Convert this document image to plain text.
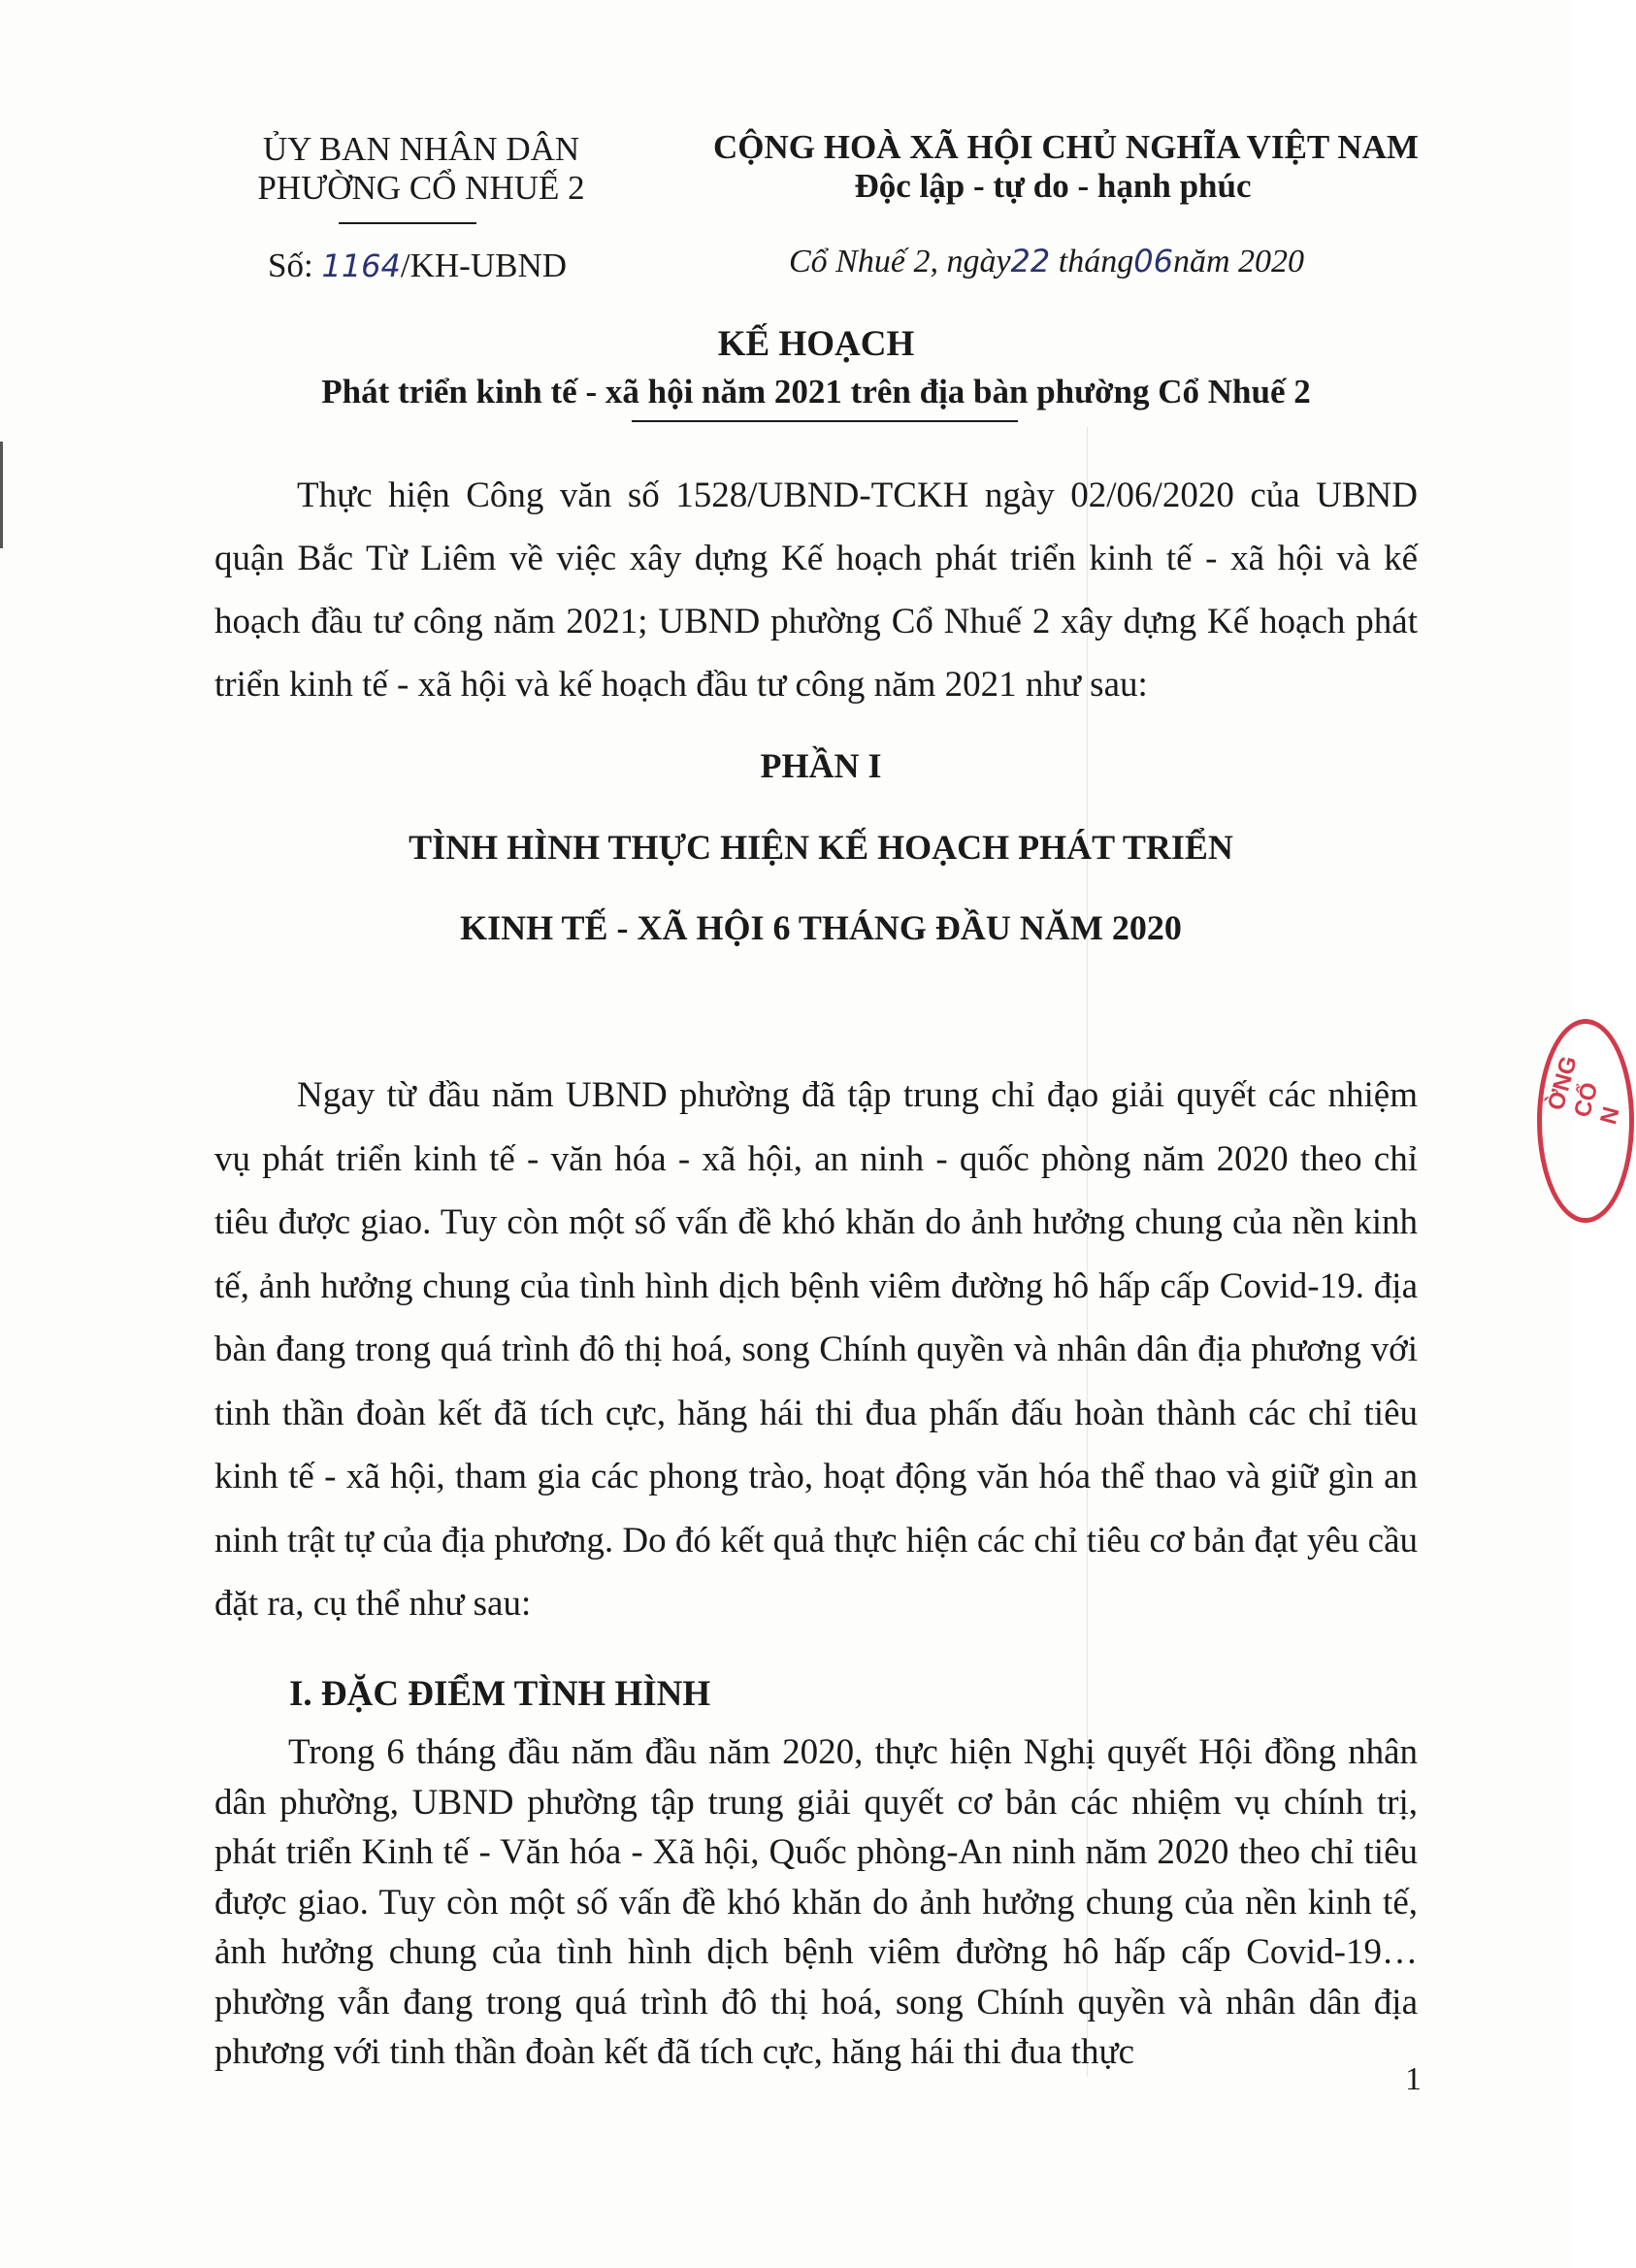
ỦY BAN NHÂN DÂN
PHƯỜNG CỔ NHUẾ 2
CỘNG HOÀ XÃ HỘI CHỦ NGHĨA VIỆT NAM
Độc lập - tự do - hạnh phúc
Số: 1164/KH-UBND	Cổ Nhuế 2, ngày22 tháng06năm 2020
KẾ HOẠCH
Phát triển kinh tế - xã hội năm 2021 trên địa bàn phường Cổ Nhuế 2
Thực hiện Công văn số 1528/UBND-TCKH ngày 02/06/2020 của UBND quận Bắc Từ Liêm về việc xây dựng Kế hoạch phát triển kinh tế - xã hội và kế hoạch đầu tư công năm 2021; UBND phường Cổ Nhuế 2 xây dựng Kế hoạch phát triển kinh tế - xã hội và kế hoạch đầu tư công năm 2021 như sau:
PHẦN I
TÌNH HÌNH THỰC HIỆN KẾ HOẠCH PHÁT TRIỂN
KINH TẾ - XÃ HỘI 6 THÁNG ĐẦU NĂM 2020
Ngay từ đầu năm UBND phường đã tập trung chỉ đạo giải quyết các nhiệm vụ phát triển kinh tế - văn hóa - xã hội, an ninh - quốc phòng năm 2020 theo chỉ tiêu được giao. Tuy còn một số vấn đề khó khăn do ảnh hưởng chung của nền kinh tế, ảnh hưởng chung của tình hình dịch bệnh viêm đường hô hấp cấp Covid-19. địa bàn đang trong quá trình đô thị hoá, song Chính quyền và nhân dân địa phương với tinh thần đoàn kết đã tích cực, hăng hái thi đua phấn đấu hoàn thành các chỉ tiêu kinh tế - xã hội, tham gia các phong trào, hoạt động văn hóa thể thao và giữ gìn an ninh trật tự của địa phương. Do đó kết quả thực hiện các chỉ tiêu cơ bản đạt yêu cầu đặt ra, cụ thể như sau:
I. ĐẶC ĐIỂM TÌNH HÌNH
Trong 6 tháng đầu năm đầu năm 2020, thực hiện Nghị quyết Hội đồng nhân dân phường, UBND phường tập trung giải quyết cơ bản các nhiệm vụ chính trị, phát triển Kinh tế - Văn hóa - Xã hội, Quốc phòng-An ninh năm 2020 theo chỉ tiêu được giao. Tuy còn một số vấn đề khó khăn do ảnh hưởng chung của nền kinh tế, ảnh hưởng chung của tình hình dịch bệnh viêm đường hô hấp cấp Covid-19… phường vẫn đang trong quá trình đô thị hoá, song Chính quyền và nhân dân địa phương với tinh thần đoàn kết đã tích cực, hăng hái thi đua thực
ỜNG CỔ N
1
